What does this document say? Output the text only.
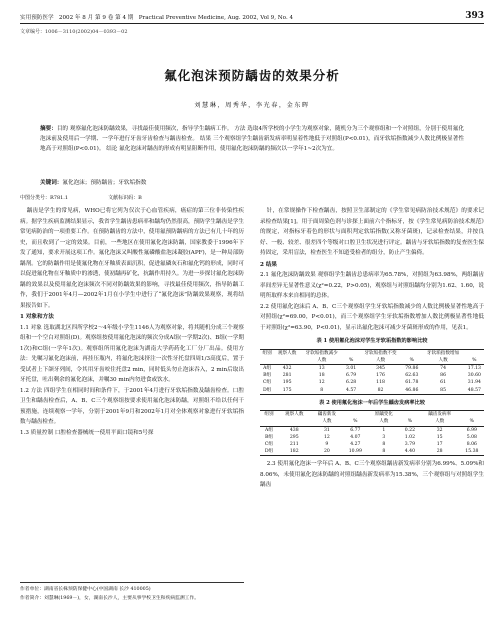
实用预防医学 2002 年 8 月 第 9 卷 第 4 期 Practical Preventive Medicine, Aug. 2002, Vol 9, No. 4	393
文章编号：1006－3110(2002)04－0393－02
氟化泡沫预防龋齿的效果分析
刘慧琳，周秀华，李光春，金东晖
摘要：目的 观察氟化泡沫防龋效果，寻找最佳使用频次，指导学生龋病工作。 方法 选取4所学校的小学生为观察对象，随机分为三个观察组和一个对照组，分别于使用氟化泡沫前及使用后一学期、一学年进行牙齿牙齿检查与龋齿检查。 结果 三个观察组学生龋齿新发病率明显着性地低于对照组(P<0.01)，而牙软垢指数减少人数比例极显著性地高于对照组(P<0.01)。 结论 氟化泡沫对龋齿的形成有明显阻断作用，使用氟化泡沫防龋的频次以一学年1~2次为宜。
关键词：氟化泡沫；预防龋齿；牙软垢指数
中图分类号：R781.1	文献标识码：B

龋齿是学生的常见病，WHO已将它列为仅次于心血管疾病，癌症的第三位非传染性疾病。据学生疾病监测结果显示，我省学生龋齿患病率和龋均仍然很高，预防学生龋齿是学生常见病防治的一项重要工作。在预防龋齿的方法中，使用氟预防龋病的方法已有几十年的历史，而且收到了一定的效果。目前，一些地区在使用氟化泡沫防龋，国家教委于1996年下发了通知，要求开展这项工作。氟化泡沫又叫酸性氟磷酸盐泡沫凝胶(APF)，是一种局部防龋剂。它的防龋作用是使氟化物在牙釉质表面沉积，促进氟磷灰石和氟化钙的形成，同时可以促进氟化物在牙釉质中的渗透，使初龋再矿化，抗龋作用持久。为进一步探讨氟化泡沫防龋的效果以及使用氟化泡沫频次不同对防龋效果的影响，寻找最佳使用频次，指导防龋工作，我们于2001年4月—2002年1月在小学生中进行了“氟化泡沫”防龋效果观察，现将结果报告如下。

1 对象和方法

1.1 对象 选取湖北区四所学校2～4年级小学生1146人为观察对象，将其随机分成三个观察组和一个空白对照组(D)。观察组按使用氟化泡沫的频次分成A组(一学期2次)、B组(一学期1次)和C组(一学年1次)。观察组所用氟化泡沫为湖南大学药药化工厂分厂出品。使用方法：先嘱习氟化泡沫前，再挂压瓶内，将氟化泡沫挤注一次性牙托盘四周1/3高度后，置于受试者上下颌牙列间，令其用牙齿咬住托盘2 min，同时低头勿止泡沫吞入，2 min后取出牙托盘，吐出剩余的氟化泡沫，并嘱30 min内勿进食或饮水。

1.2 方法 四组学生在相同时间和条件下，于2001年4月进行牙软垢指数及龋齿检查。口腔卫生和龋齿检查后，A、B、C三个观察组按要求使用氟化泡沫防龋，对照组不给以任何干预措施，连续观察一学年，分别于2001年9月和2002年1月对全体观察对象进行牙软垢指数与龋齿检查。

1.3 质量控制 口腔检查器械统一使用平面口镜和5号探

作者单位：湖南省长株预防保健中心(中国湖南 长沙 410005)
作者简介：刘慧琳(1969－)，女，湖南长沙人，主要从事学校卫生和疾病监测工作。

针，在常规操作下检查龋齿，按照卫生部制定的《学生常见病防治技术规范》的要求记录检查结果[1]。用于面周染色剂与诊探上面前六个指标牙，按《学生常见病防治技术规范》的规定，对指标牙着色的形状与面积判定软垢指数(又称牙菌斑)，记录检查结果，并按良好、一般、较差、很差四个等级对口腔卫生状况进行评定。龋齿与牙软垢指数的复查医生保持固定，采用盲法，检查医生不知道受检者的组分，防止产生偏倚。

2 结果

2.1 氟化泡沫防龋效果 观察组学生龋齿总患病率为65.78%，对照组为63.98%，两组龋齿率间差异无显著性意义(χ²=0.22，P>0.05)，观察组与对照组龋均分别为1.62、1.60，说明所取样本来自相同的总体。

2.2 使用氟化泡沫后 A、B、C三个观察组学生牙软垢指数减少的人数比例极显著性地高于对照组(χ²=69.00，P<0.01)，而三个观察组学生牙软垢指数增加人数比例极显著性地低于对照组(χ²=63.90，P<0.01)，显示出氟化泡沫可减少牙菌斑形成的作用，见表1。

表 1 使用氟化泡沫对学生牙软垢指数的影响比较
组别	观察人数	牙软垢指数减少		牙软垢指数不变		牙软垢指数增加	
		人数	%	人数	%	人数	%
A组	432	13	3.01	345	79.86	74	17.13
B组	281	18	6.79	176	62.63	86	30.60
C组	195	12	6.28	118	61.78	61	31.94
D组	175	8	4.57	82	46.86	85	48.57
表 2 使用氟化泡沫一年后学生龋齿发病率比较
组别	观察人数	龋齿新发		原龋变化		龋齿发病率	
		人数	%	人数	%	人数	%
A组	438	31	6.77	1	0.22	32	6.99
B组	295	12	4.07	3	1.02	15	5.08
C组	211	9	4.27	8	3.79	17	8.06
D组	182	20	10.99	8	4.40	28	15.38

2.3 使用氟化泡沫一学年后 A、B、C三个观察组龋齿新发病率分别为6.99%、5.09%和8.06%，未使用氟化泡沫防龋的对照组龋齿新发病率为15.38%，三个观察组与对照组学生龋齿
